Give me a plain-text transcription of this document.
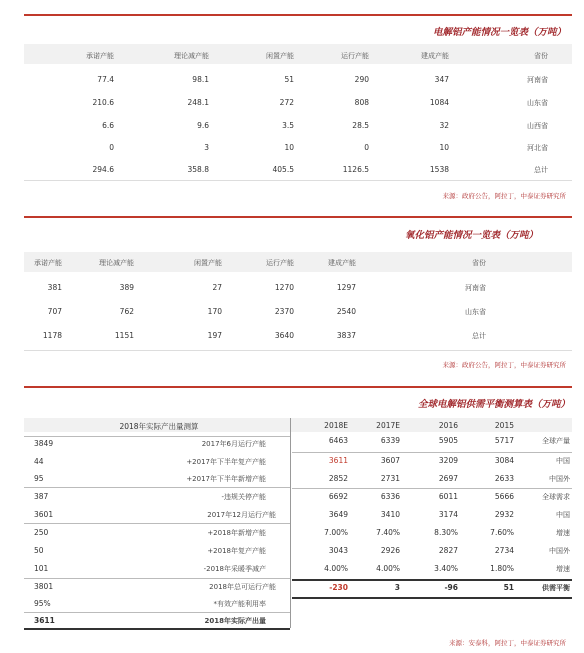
电解铝产能情况一览表（万吨）
省份
建成产能
运行产能
闲置产能
理论减产能
承诺产能
河南省
347
290
51
98.1
77.4
山东省
1084
808
272
248.1
210.6
山西省
32
28.5
3.5
9.6
6.6
河北省
10
0
10
3
0
总计
1538
1126.5
405.5
358.8
294.6
来源：政府公告，阿拉丁，中泰证券研究所
氧化铝产能情况一览表（万吨）
省份
建成产能
运行产能
闲置产能
理论减产能
承诺产能
河南省
1297
1270
27
389
381
山东省
2540
2370
170
762
707
总计
3837
3640
197
1151
1178
来源：政府公告，阿拉丁，中泰证券研究所
全球电解铝供需平衡测算表（万吨）
2018年实际产出量测算	2015
2016
2017E
2018E
全球产量
5717
5905
6339
6463
中国
3084
3209
3607
3611
中国外
2633
2697
2731
2852
全球需求
5666
6011
6336
6692
中国
2932
3174
3410
3649
增速
7.60%
8.30%
7.40%
7.00%
中国外
2734
2827
2926
3043
增速
1.80%
3.40%
4.00%
4.00%
供需平衡
51
-96
3
-230
2017年6月运行产能
3849
+2017年下半年复产产能
44
+2017年下半年新增产能
95
-违规关停产能
387
2017年12月运行产能
3601
+2018年新增产能
250
+2018年复产产能
50
-2018年采暖季减产
101
2018年总可运行产能
3801
*有效产能利用率
95%
2018年实际产出量
3611
来源：安泰科，阿拉丁，中泰证券研究所
